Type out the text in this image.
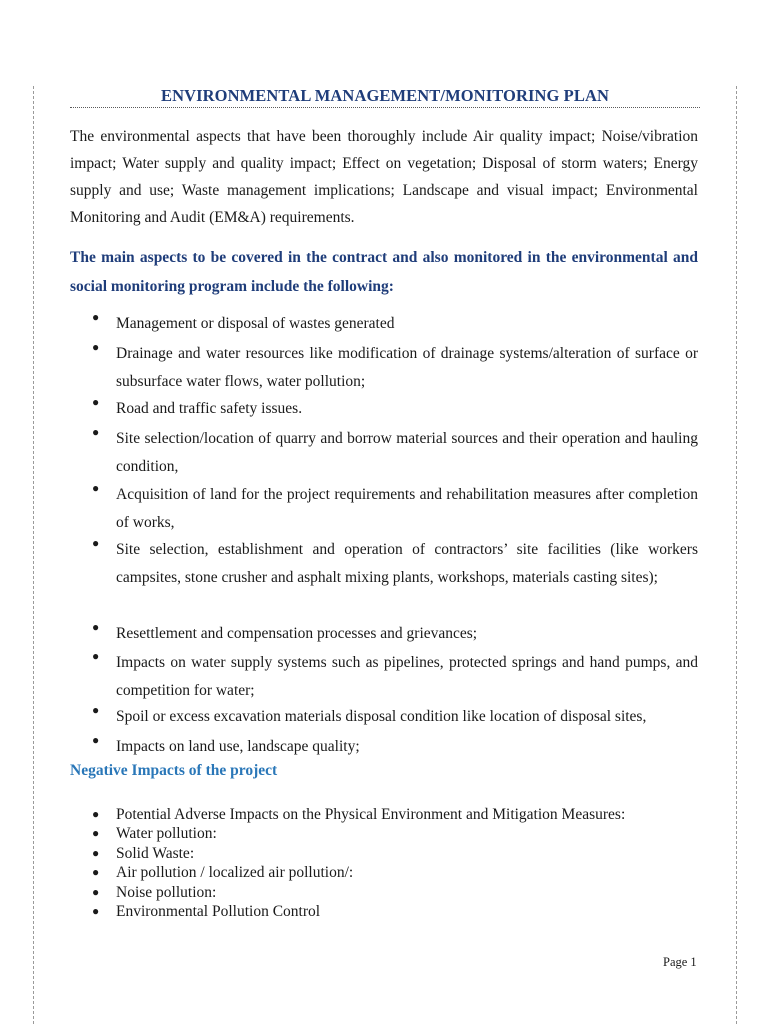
ENVIRONMENTAL MANAGEMENT/MONITORING PLAN

The environmental aspects that have been thoroughly include Air quality impact; Noise/vibration impact; Water supply and quality impact; Effect on vegetation; Disposal of storm waters; Energy supply and use; Waste management implications; Landscape and visual impact; Environmental Monitoring and Audit (EM&A) requirements.

The main aspects to be covered in the contract and also monitored in the environmental and social monitoring program include the following:

● Management or disposal of wastes generated
● Drainage and water resources like modification of drainage systems/alteration of surface or subsurface water flows, water pollution;
● Road and traffic safety issues.
● Site selection/location of quarry and borrow material sources and their operation and hauling condition,
● Acquisition of land for the project requirements and rehabilitation measures after completion of works,
● Site selection, establishment and operation of contractors’ site facilities (like workers campsites, stone crusher and asphalt mixing plants, workshops, materials casting sites);
● Resettlement and compensation processes and grievances;
● Impacts on water supply systems such as pipelines, protected springs and hand pumps, and competition for water;
● Spoil or excess excavation materials disposal condition like location of disposal sites,
● Impacts on land use, landscape quality;
Negative Impacts of the project
● Potential Adverse Impacts on the Physical Environment and Mitigation Measures:
● Water pollution:
● Solid Waste:
● Air pollution / localized air pollution/:
● Noise pollution:
● Environmental Pollution Control
Page 1
